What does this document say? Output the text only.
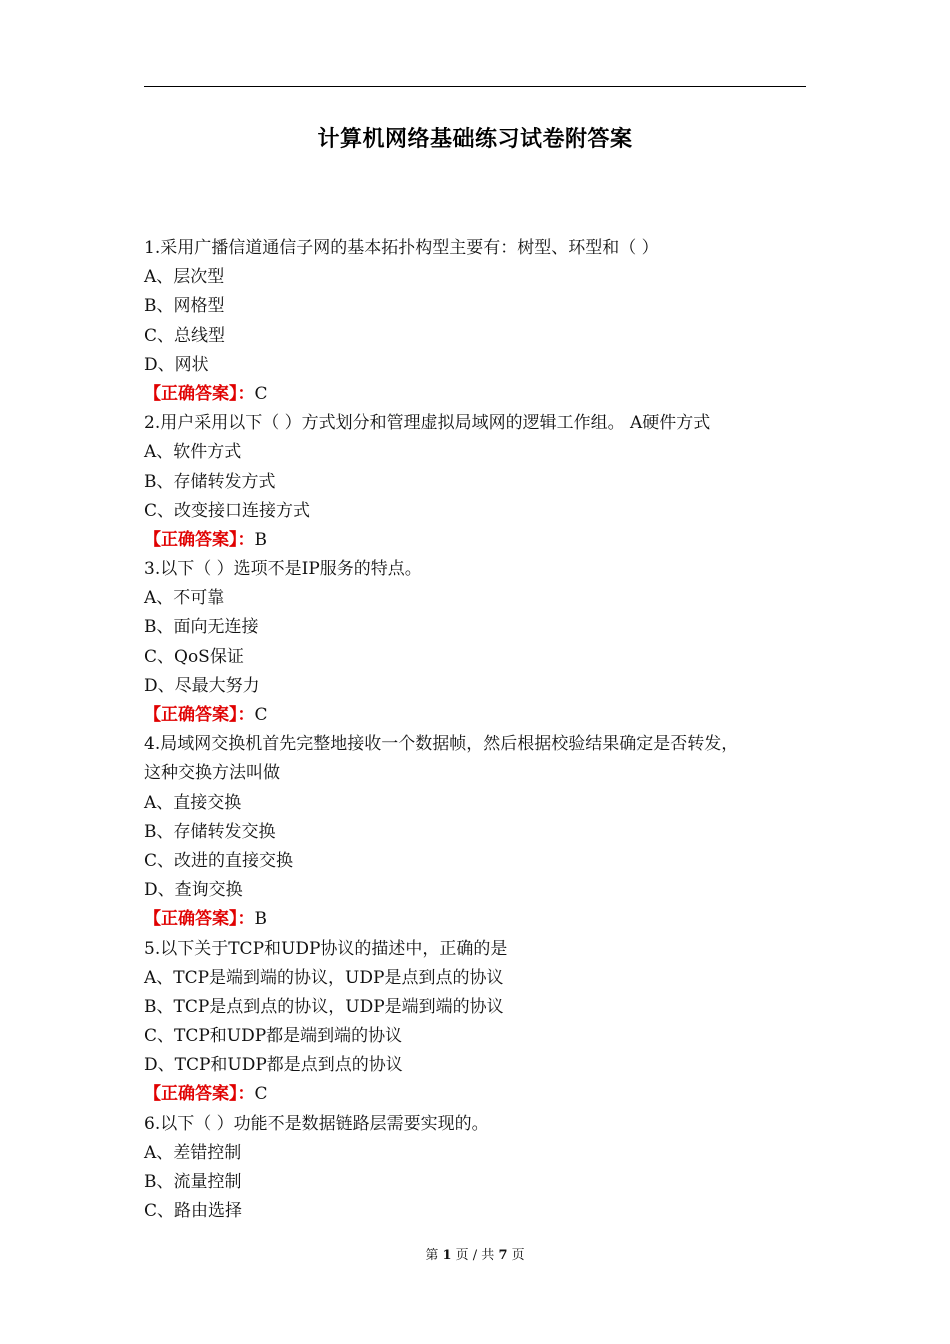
计算机网络基础练习试卷附答案
1.采用广播信道通信子网的基本拓扑构型主要有：树型、环型和（ ）
A、层次型
B、网格型
C、总线型
D、网状
【正确答案】：C
2.用户采用以下（ ）方式划分和管理虚拟局域网的逻辑工作组。 A硬件方式
A、软件方式
B、存储转发方式
C、改变接口连接方式
【正确答案】：B
3.以下（ ）选项不是IP服务的特点。
A、不可靠
B、面向无连接
C、QoS保证
D、尽最大努力
【正确答案】：C
4.局域网交换机首先完整地接收一个数据帧，然后根据校验结果确定是否转发，
这种交换方法叫做
A、直接交换
B、存储转发交换
C、改进的直接交换
D、查询交换
【正确答案】：B
5.以下关于TCP和UDP协议的描述中，正确的是
A、TCP是端到端的协议，UDP是点到点的协议
B、TCP是点到点的协议，UDP是端到端的协议
C、TCP和UDP都是端到端的协议
D、TCP和UDP都是点到点的协议
【正确答案】：C
6.以下（ ）功能不是数据链路层需要实现的。
A、差错控制
B、流量控制
C、路由选择
第 1 页 / 共 7 页
